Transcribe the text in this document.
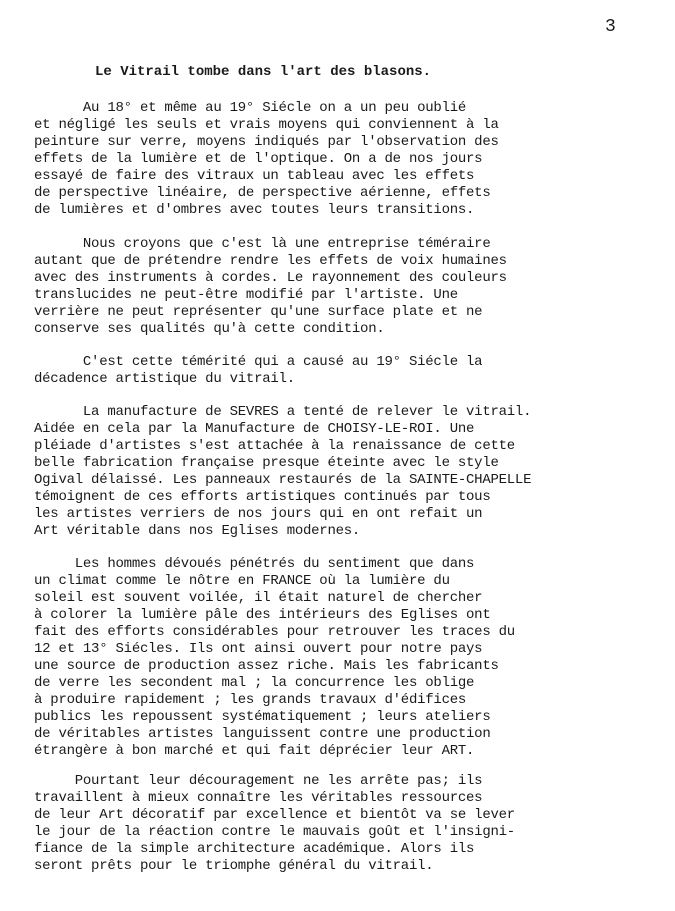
3
Le Vitrail tombe dans l'art des blasons.
Au 18° et même au 19° Siécle on a un peu oublié
et négligé les seuls et vrais moyens qui conviennent à la
peinture sur verre, moyens indiqués par l'observation des
effets de la lumière et de l'optique. On a de nos jours
essayé de faire des vitraux un tableau avec les effets
de perspective linéaire, de perspective aérienne, effets
de lumières et d'ombres avec toutes leurs transitions.
Nous croyons que c'est là une entreprise téméraire
autant que de prétendre rendre les effets de voix humaines
avec des instruments à cordes. Le rayonnement des couleurs
translucides ne peut-être modifié par l'artiste. Une
verrière ne peut représenter qu'une surface plate et ne
conserve ses qualités qu'à cette condition.
C'est cette témérité qui a causé au 19° Siécle la
décadence artistique du vitrail.
La manufacture de SEVRES a tenté de relever le vitrail.
Aidée en cela par la Manufacture de CHOISY-LE-ROI. Une
pléiade d'artistes s'est attachée à la renaissance de cette
belle fabrication française presque éteinte avec le style
Ogival délaissé. Les panneaux restaurés de la SAINTE-CHAPELLE
témoignent de ces efforts artistiques continués par tous
les artistes verriers de nos jours qui en ont refait un
Art véritable dans nos Eglises modernes.
Les hommes dévoués pénétrés du sentiment que dans
un climat comme le nôtre en FRANCE où la lumière du
soleil est souvent voilée, il était naturel de chercher
à colorer la lumière pâle des intérieurs des Eglises ont
fait des efforts considérables pour retrouver les traces du
12 et 13° Siécles. Ils ont ainsi ouvert pour notre pays
une source de production assez riche. Mais les fabricants
de verre les secondent mal ; la concurrence les oblige
à produire rapidement ; les grands travaux d'édifices
publics les repoussent systématiquement ; leurs ateliers
de véritables artistes languissent contre une production
étrangère à bon marché et qui fait déprécier leur ART.
Pourtant leur découragement ne les arrête pas; ils
travaillent à mieux connaître les véritables ressources
de leur Art décoratif par excellence et bientôt va se lever
le jour de la réaction contre le mauvais goût et l'insigni-
fiance de la simple architecture académique. Alors ils
seront prêts pour le triomphe général du vitrail.
